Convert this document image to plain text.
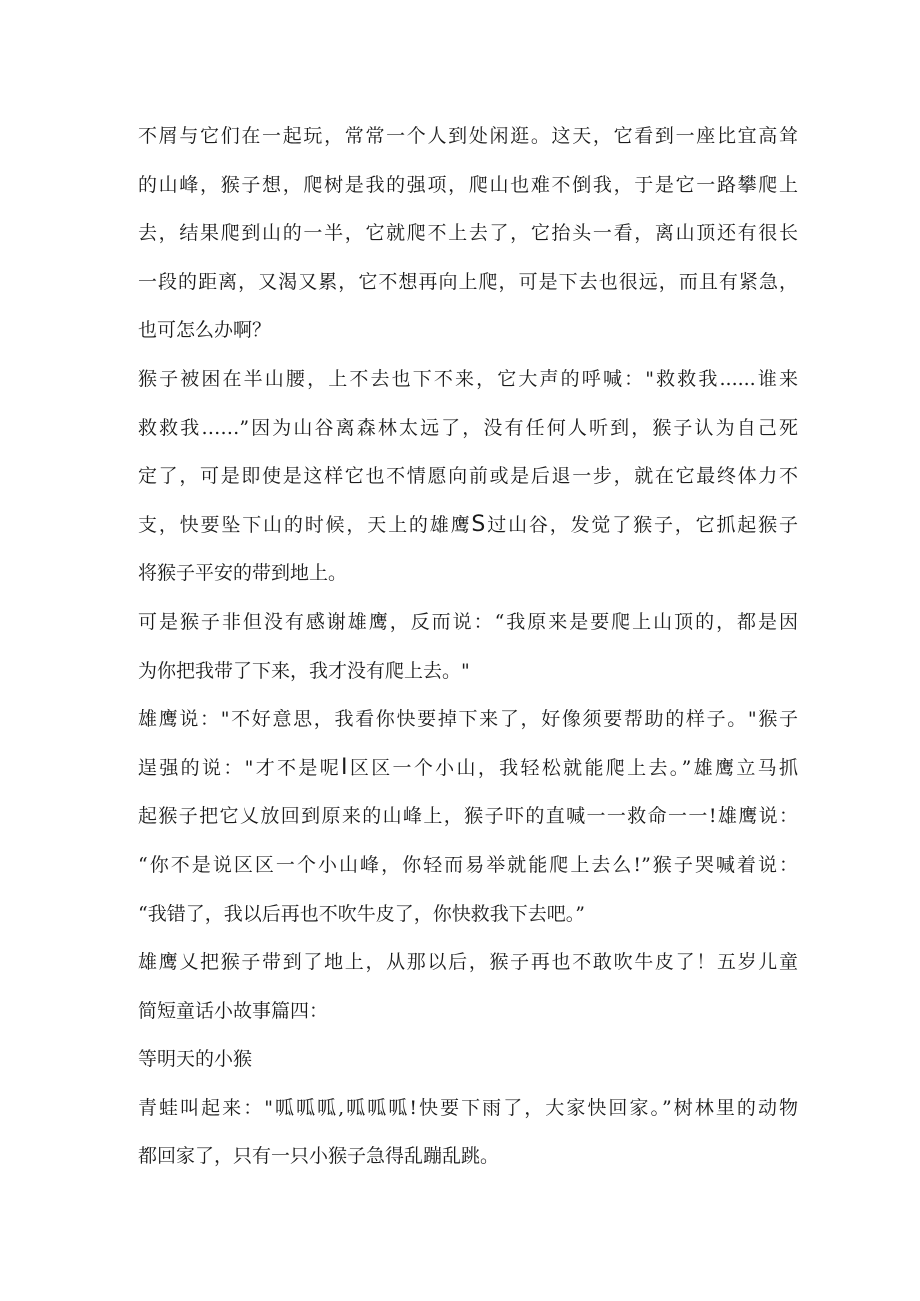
不屑与它们在一起玩，常常一个人到处闲逛。这天，它看到一座比宜高耸
的山峰，猴子想，爬树是我的强项，爬山也难不倒我，于是它一路攀爬上
去，结果爬到山的一半，它就爬不上去了，它抬头一看，离山顶还有很长
一段的距离，又渴又累，它不想再向上爬，可是下去也很远，而且有紧急，
也可怎么办啊？
猴子被困在半山腰，上不去也下不来，它大声的呼喊："救救我......谁来
救救我……”因为山谷离森林太远了，没有任何人听到，猴子认为自己死
定了，可是即使是这样它也不情愿向前或是后退一步，就在它最终体力不
支，快要坠下山的时候，天上的雄鹰S过山谷，发觉了猴子，它抓起猴子
将猴子平安的带到地上。
可是猴子非但没有感谢雄鹰，反而说：“我原来是要爬上山顶的，都是因
为你把我带了下来，我才没有爬上去。"
雄鹰说："不好意思，我看你快要掉下来了，好像须要帮助的样子。"猴子
逞强的说："才不是呢I区区一个小山，我轻松就能爬上去。”雄鹰立马抓
起猴子把它乂放回到原来的山峰上，猴子吓的直喊一一救命一一!雄鹰说：
“你不是说区区一个小山峰，你轻而易举就能爬上去么!”猴子哭喊着说：
“我错了，我以后再也不吹牛皮了，你快救我下去吧。”
雄鹰乂把猴子带到了地上，从那以后，猴子再也不敢吹牛皮了！五岁儿童
简短童话小故事篇四：
等明天的小猴
青蛙叫起来："呱呱呱,呱呱呱!快要下雨了，大家快回家。”树林里的动物
都回家了，只有一只小猴子急得乱蹦乱跳。
